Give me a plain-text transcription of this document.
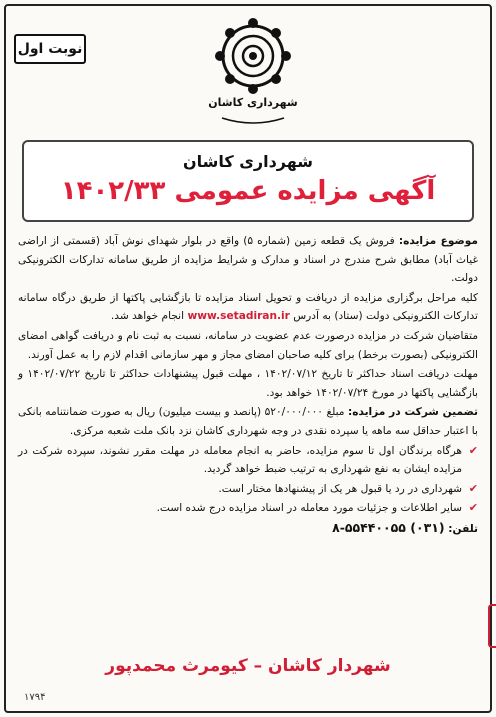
نوبت اول
شهرداری کاشان
شهرداری کاشان
آگهی مزایده عمومی ۱۴۰۲/۳۳

موضوع مزایده: فروش یک قطعه زمین (شماره ۵) واقع در بلوار شهدای نوش آباد (قسمتی از اراضی غیاث آباد) مطابق شرح مندرج در اسناد و مدارک و شرایط مزایده از طریق سامانه تدارکات الکترونیکی دولت.

کلیه مراحل برگزاری مزایده از دریافت و تحویل اسناد مزایده تا بازگشایی پاکتها از طریق درگاه سامانه تدارکات الکترونیکی دولت (ستاد) به آدرس www.setadiran.ir انجام خواهد شد.

متقاضیان شرکت در مزایده درصورت عدم عضویت در سامانه، نسبت به ثبت نام و دریافت گواهی امضای الکترونیکی (بصورت برخط) برای کلیه صاحبان امضای مجاز و مهر سازمانی اقدام لازم را به عمل آورند.

مهلت دریافت اسناد حداکثر تا تاریخ ۱۴۰۲/۰۷/۱۲ ، مهلت قبول پیشنهادات حداکثر تا تاریخ ۱۴۰۲/۰۷/۲۲ و بازگشایی پاکتها در مورخ ۱۴۰۲/۰۷/۲۴ خواهد بود.

تضمین شرکت در مزایده: مبلغ ۵۲۰/۰۰۰/۰۰۰ (پانصد و بیست میلیون) ریال به صورت ضمانتنامه بانکی با اعتبار حداقل سه ماهه یا سپرده نقدی در وجه شهرداری کاشان نزد بانک ملت شعبه مرکزی.

✔
هرگاه برندگان اول تا سوم مزایده، حاضر به انجام معامله در مهلت مقرر نشوند، سپرده شرکت در مزایده ایشان به نفع شهرداری به ترتیب ضبط خواهد گردید.
✔
شهرداری در رد یا قبول هر یک از پیشنهادها مختار است.
✔
سایر اطلاعات و جزئیات مورد معامله در اسناد مزایده درج شده است.

تلفن: ۸-۵۵۴۴۰۰۵۵ (۰۳۱)

شهردار کاشان – کیومرث محمدپور
۱۷۹۴
